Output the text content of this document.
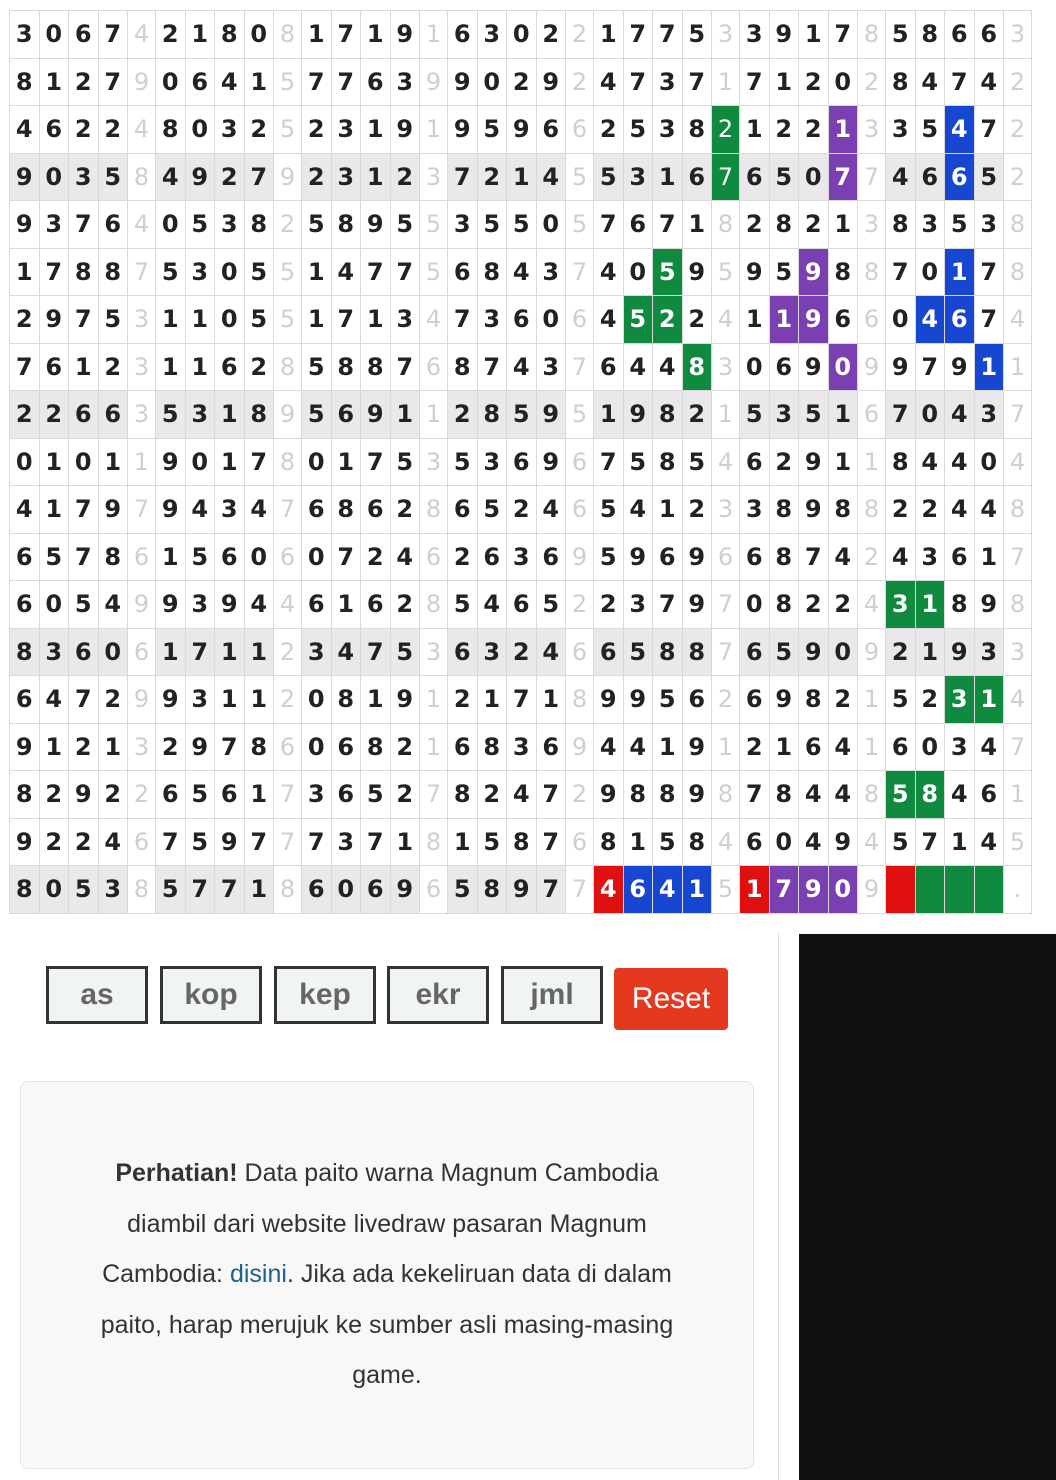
3	0	6	7	4	2	1	8	0	8	1	7	1	9	1	6	3	0	2	2	1	7	7	5	3	3	9	1	7	8	5	8	6	6	3
8	1	2	7	9	0	6	4	1	5	7	7	6	3	9	9	0	2	9	2	4	7	3	7	1	7	1	2	0	2	8	4	7	4	2
4	6	2	2	4	8	0	3	2	5	2	3	1	9	1	9	5	9	6	6	2	5	3	8	2	1	2	2	1	3	3	5	4	7	2
9	0	3	5	8	4	9	2	7	9	2	3	1	2	3	7	2	1	4	5	5	3	1	6	7	6	5	0	7	7	4	6	6	5	2
9	3	7	6	4	0	5	3	8	2	5	8	9	5	5	3	5	5	0	5	7	6	7	1	8	2	8	2	1	3	8	3	5	3	8
1	7	8	8	7	5	3	0	5	5	1	4	7	7	5	6	8	4	3	7	4	0	5	9	5	9	5	9	8	8	7	0	1	7	8
2	9	7	5	3	1	1	0	5	5	1	7	1	3	4	7	3	6	0	6	4	5	2	2	4	1	1	9	6	6	0	4	6	7	4
7	6	1	2	3	1	1	6	2	8	5	8	8	7	6	8	7	4	3	7	6	4	4	8	3	0	6	9	0	9	9	7	9	1	1
2	2	6	6	3	5	3	1	8	9	5	6	9	1	1	2	8	5	9	5	1	9	8	2	1	5	3	5	1	6	7	0	4	3	7
0	1	0	1	1	9	0	1	7	8	0	1	7	5	3	5	3	6	9	6	7	5	8	5	4	6	2	9	1	1	8	4	4	0	4
4	1	7	9	7	9	4	3	4	7	6	8	6	2	8	6	5	2	4	6	5	4	1	2	3	3	8	9	8	8	2	2	4	4	8
6	5	7	8	6	1	5	6	0	6	0	7	2	4	6	2	6	3	6	9	5	9	6	9	6	6	8	7	4	2	4	3	6	1	7
6	0	5	4	9	9	3	9	4	4	6	1	6	2	8	5	4	6	5	2	2	3	7	9	7	0	8	2	2	4	3	1	8	9	8
8	3	6	0	6	1	7	1	1	2	3	4	7	5	3	6	3	2	4	6	6	5	8	8	7	6	5	9	0	9	2	1	9	3	3
6	4	7	2	9	9	3	1	1	2	0	8	1	9	1	2	1	7	1	8	9	9	5	6	2	6	9	8	2	1	5	2	3	1	4
9	1	2	1	3	2	9	7	8	6	0	6	8	2	1	6	8	3	6	9	4	4	1	9	1	2	1	6	4	1	6	0	3	4	7
8	2	9	2	2	6	5	6	1	7	3	6	5	2	7	8	2	4	7	2	9	8	8	9	8	7	8	4	4	8	5	8	4	6	1
9	2	2	4	6	7	5	9	7	7	7	3	7	1	8	1	5	8	7	6	8	1	5	8	4	6	0	4	9	4	5	7	1	4	5
8	0	5	3	8	5	7	7	1	8	6	0	6	9	6	5	8	9	7	7	4	6	4	1	5	1	7	9	0	9					.
as	kop	kep	ekr	jml	Reset
Perhatian! Data paito warna Magnum Cambodia diambil dari website livedraw pasaran Magnum Cambodia: disini. Jika ada kekeliruan data di dalam paito, harap merujuk ke sumber asli masing-masing game.
